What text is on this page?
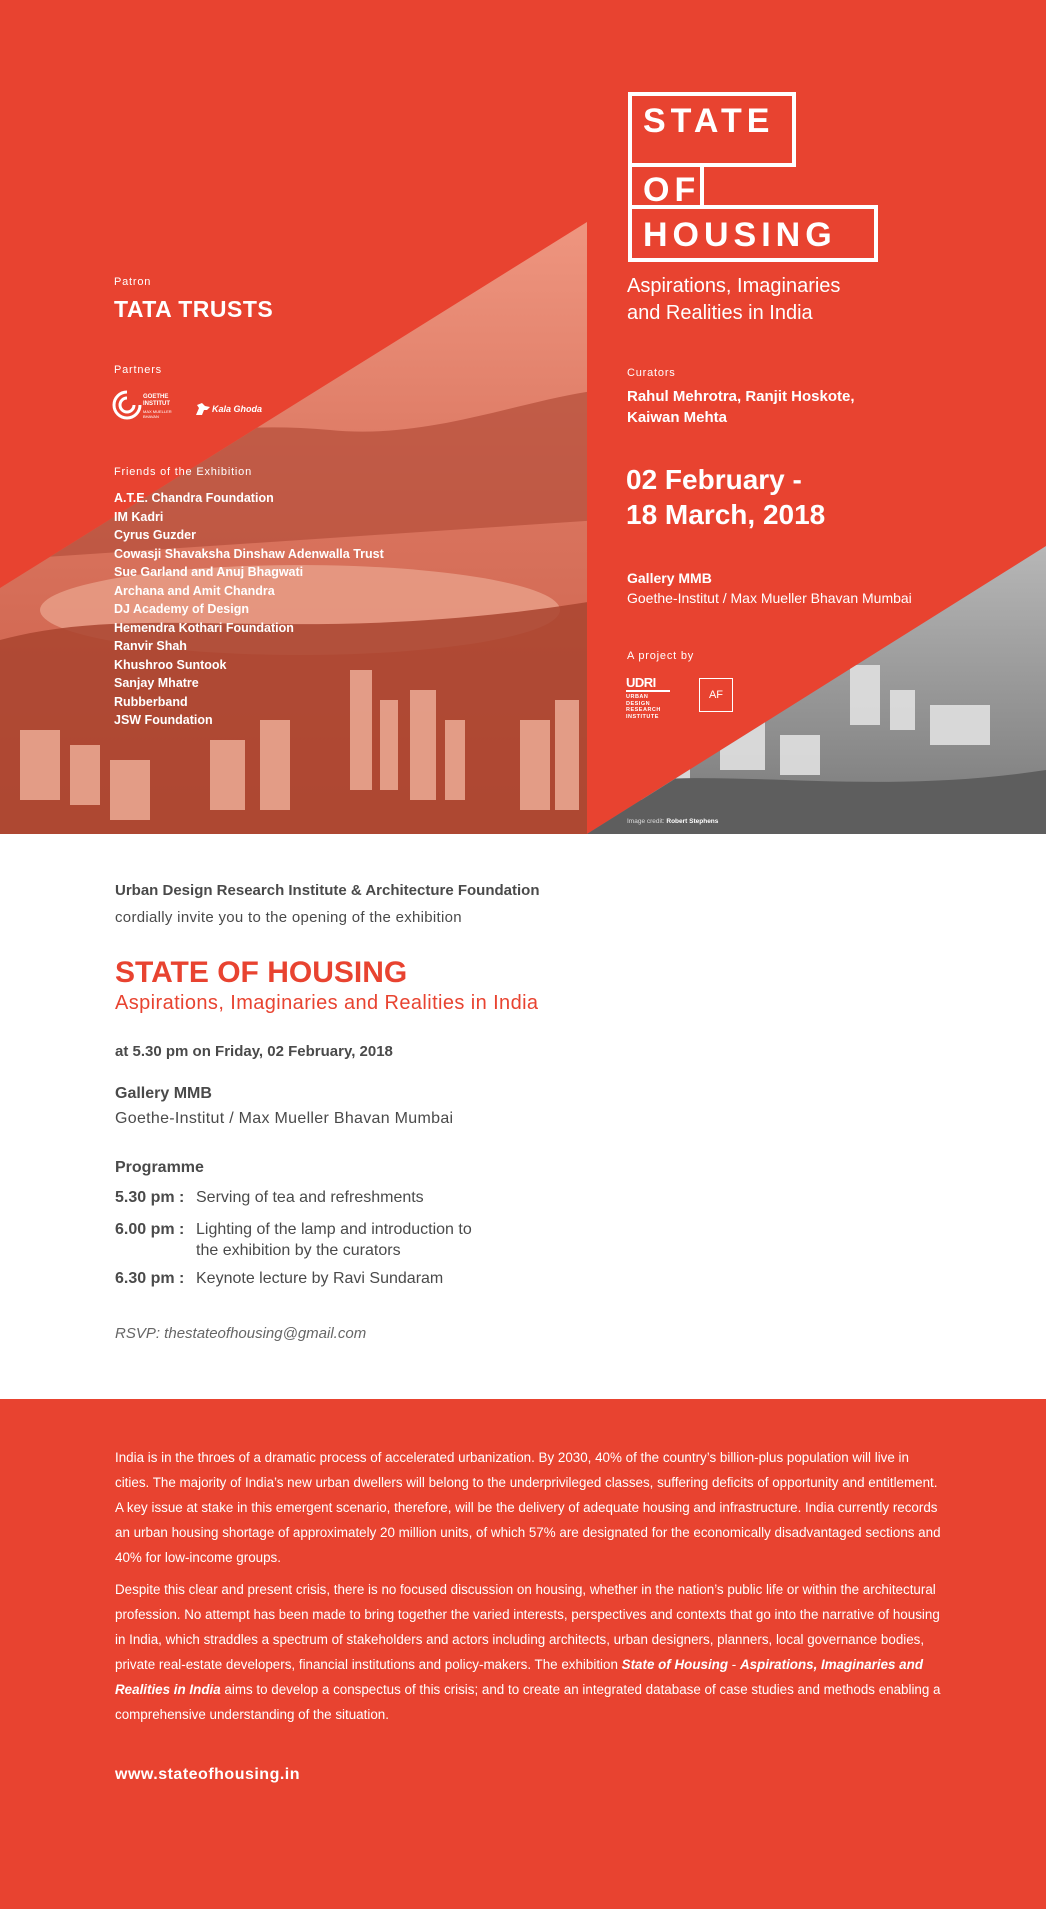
STATE
OF
HOUSING
Aspirations, Imaginaries
and Realities in India
Patron
TATA TRUSTS
Partners
GOETHE INSTITUT
MAX MUELLER BHAVAN
Kala Ghoda
Friends of the Exhibition
A.T.E. Chandra Foundation
IM Kadri
Cyrus Guzder
Cowasji Shavaksha Dinshaw Adenwalla Trust
Sue Garland and Anuj Bhagwati
Archana and Amit Chandra
DJ Academy of Design
Hemendra Kothari Foundation
Ranvir Shah
Khushroo Suntook
Sanjay Mhatre
Rubberband
JSW Foundation
Curators
Rahul Mehrotra, Ranjit Hoskote,
Kaiwan Mehta
02 February -
18 March, 2018
Gallery MMB
Goethe-Institut / Max Mueller Bhavan Mumbai
A project by
UDRI
URBAN
DESIGN
RESEARCH
INSTITUTE
AF
Image credit: Robert Stephens
Urban Design Research Institute & Architecture Foundation
cordially invite you to the opening of the exhibition
STATE OF HOUSING
Aspirations, Imaginaries and Realities in India
at 5.30 pm on Friday, 02 February, 2018
Gallery MMB
Goethe-Institut / Max Mueller Bhavan Mumbai
Programme
5.30 pm : Serving of tea and refreshments
6.00 pm : Lighting of the lamp and introduction to the exhibition by the curators
6.30 pm : Keynote lecture by Ravi Sundaram
RSVP: thestateofhousing@gmail.com

India is in the throes of a dramatic process of accelerated urbanization. By 2030, 40% of the country’s billion-plus population will live in cities. The majority of India’s new urban dwellers will belong to the underprivileged classes, suffering deficits of opportunity and entitlement. A key issue at stake in this emergent scenario, therefore, will be the delivery of adequate housing and infrastructure. India currently records an urban housing shortage of approximately 20 million units, of which 57% are designated for the economically disadvantaged sections and 40% for low-income groups.

Despite this clear and present crisis, there is no focused discussion on housing, whether in the nation’s public life or within the architectural profession. No attempt has been made to bring together the varied interests, perspectives and contexts that go into the narrative of housing in India, which straddles a spectrum of stakeholders and actors including architects, urban designers, planners, local governance bodies, private real-estate developers, financial institutions and policy-makers. The exhibition State of Housing - Aspirations, Imaginaries and Realities in India aims to develop a conspectus of this crisis; and to create an integrated database of case studies and methods enabling a comprehensive understanding of the situation.

www.stateofhousing.in
